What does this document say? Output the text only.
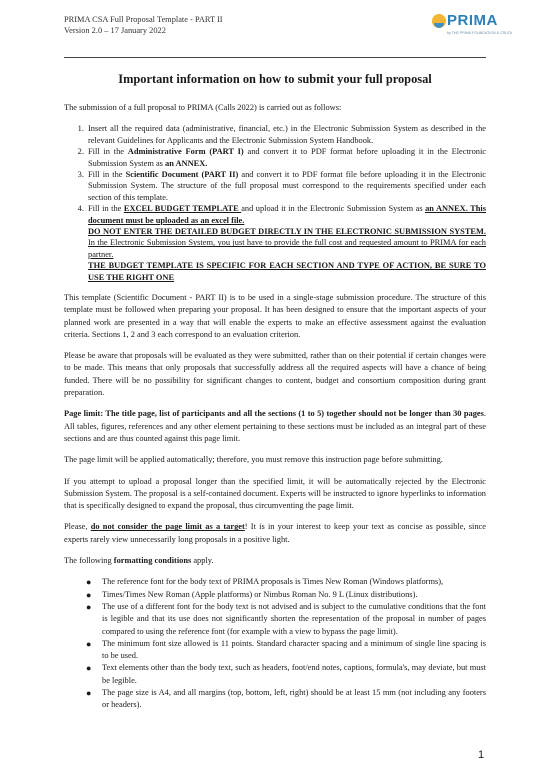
PRIMA CSA Full Proposal Template - PART II
Version 2.0 – 17 January 2022
PRIMA
by THE PRIMA FOUNDATION & CRUTA
Important information on how to submit your full proposal

The submission of a full proposal to PRIMA (Calls 2022) is carried out as follows:

1. Insert all the required data (administrative, financial, etc.) in the Electronic Submission System as described in the relevant Guidelines for Applicants and the Electronic Submission System Handbook.
2. Fill in the Administrative Form (PART I) and convert it to PDF format before uploading it in the Electronic Submission System as an ANNEX.
3. Fill in the Scientific Document (PART II) and convert it to PDF format file before uploading it in the Electronic Submission System. The structure of the full proposal must correspond to the requirements specified under each section of this template.
4. Fill in the EXCEL BUDGET TEMPLATE and upload it in the Electronic Submission System as an ANNEX. This document must be uploaded as an excel file.
DO NOT ENTER THE DETAILED BUDGET DIRECTLY IN THE ELECTRONIC SUBMISSION SYSTEM. In the Electronic Submission System, you just have to provide the full cost and requested amount to PRIMA for each partner.
THE BUDGET TEMPLATE IS SPECIFIC FOR EACH SECTION AND TYPE OF ACTION, BE SURE TO USE THE RIGHT ONE

This template (Scientific Document - PART II) is to be used in a single-stage submission procedure. The structure of this template must be followed when preparing your proposal. It has been designed to ensure that the important aspects of your planned work are presented in a way that will enable the experts to make an effective assessment against the evaluation criteria. Sections 1, 2 and 3 each correspond to an evaluation criterion.

Please be aware that proposals will be evaluated as they were submitted, rather than on their potential if certain changes were to be made. This means that only proposals that successfully address all the required aspects will have a chance of being funded. There will be no possibility for significant changes to content, budget and consortium composition during grant preparation.

Page limit: The title page, list of participants and all the sections (1 to 5) together should not be longer than 30 pages. All tables, figures, references and any other element pertaining to these sections must be included as an integral part of these sections and are thus counted against this page limit.

The page limit will be applied automatically; therefore, you must remove this instruction page before submitting.

If you attempt to upload a proposal longer than the specified limit, it will be automatically rejected by the Electronic Submission System. The proposal is a self-contained document. Experts will be instructed to ignore hyperlinks to information that is specifically designed to expand the proposal, thus circumventing the page limit.

Please, do not consider the page limit as a target! It is in your interest to keep your text as concise as possible, since experts rarely view unnecessarily long proposals in a positive light.

The following formatting conditions apply.

● The reference font for the body text of PRIMA proposals is Times New Roman (Windows platforms),
● Times/Times New Roman (Apple platforms) or Nimbus Roman No. 9 L (Linux distributions).
● The use of a different font for the body text is not advised and is subject to the cumulative conditions that the font is legible and that its use does not significantly shorten the representation of the proposal in number of pages compared to using the reference font (for example with a view to bypass the page limit).
● The minimum font size allowed is 11 points. Standard character spacing and a minimum of single line spacing is to be used.
● Text elements other than the body text, such as headers, foot/end notes, captions, formula's, may deviate, but must be legible.
● The page size is A4, and all margins (top, bottom, left, right) should be at least 15 mm (not including any footers or headers).
1
